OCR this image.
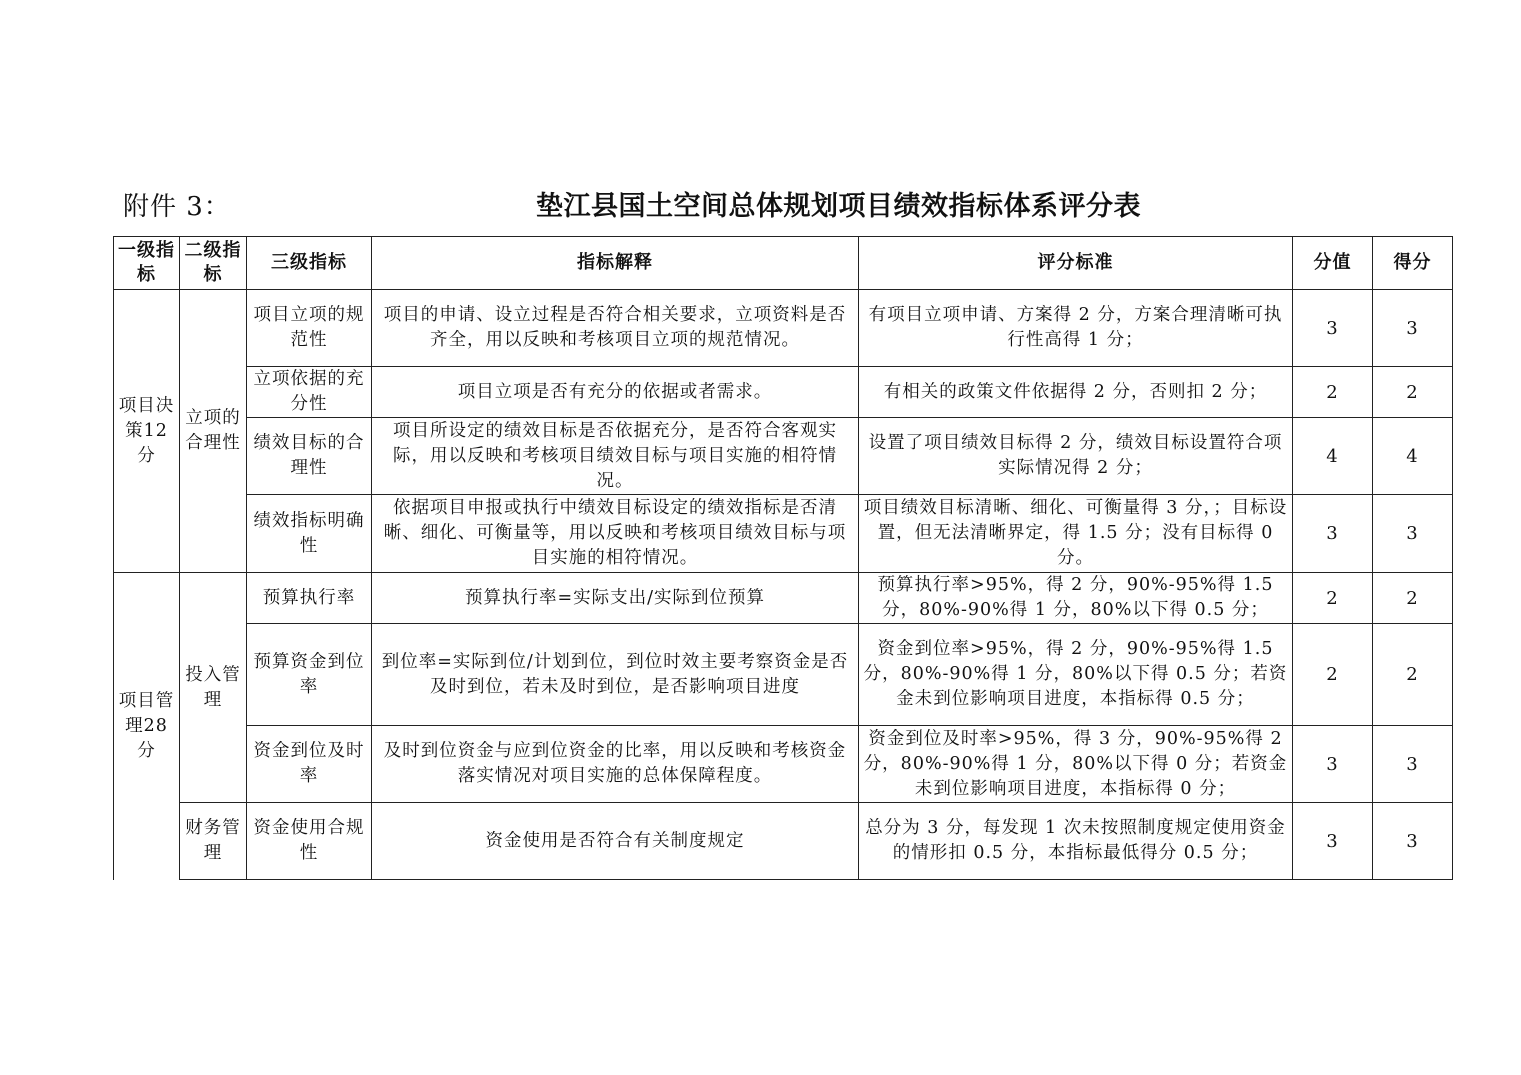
附件 3：	垫江县国土空间总体规划项目绩效指标体系评分表
一级指标	二级指标	三级指标	指标解释	评分标准	分值	得分
项目决策12分	立项的合理性	项目立项的规范性	项目的申请、设立过程是否符合相关要求，立项资料是否齐全，用以反映和考核项目立项的规范情况。	有项目立项申请、方案得 2 分，方案合理清晰可执行性高得 1 分；	3	3
		立项依据的充分性	项目立项是否有充分的依据或者需求。	有相关的政策文件依据得 2 分，否则扣 2 分；	2	2
		绩效目标的合理性	项目所设定的绩效目标是否依据充分，是否符合客观实际，用以反映和考核项目绩效目标与项目实施的相符情况。	设置了项目绩效目标得 2 分，绩效目标设置符合项实际情况得 2 分；	4	4
		绩效指标明确性	依据项目申报或执行中绩效目标设定的绩效指标是否清晰、细化、可衡量等，用以反映和考核项目绩效目标与项目实施的相符情况。	项目绩效目标清晰、细化、可衡量得 3 分，；目标设置，但无法清晰界定，得 1.5 分；没有目标得 0 分。	3	3
项目管理28分	投入管理	预算执行率	预算执行率=实际支出/实际到位预算	预算执行率>95%，得 2 分，90%-95%得 1.5 分，80%-90%得 1 分，80%以下得 0.5 分；	2	2
		预算资金到位率	到位率=实际到位/计划到位，到位时效主要考察资金是否及时到位，若未及时到位，是否影响项目进度	资金到位率>95%，得 2 分，90%-95%得 1.5 分，80%-90%得 1 分，80%以下得 0.5 分；若资金未到位影响项目进度，本指标得 0.5 分；	2	2
		资金到位及时率	及时到位资金与应到位资金的比率，用以反映和考核资金落实情况对项目实施的总体保障程度。	资金到位及时率>95%，得 3 分，90%-95%得 2 分，80%-90%得 1 分，80%以下得 0 分；若资金未到位影响项目进度，本指标得 0 分；	3	3
	财务管理	资金使用合规性	资金使用是否符合有关制度规定	总分为 3 分，每发现 1 次未按照制度规定使用资金的情形扣 0.5 分，本指标最低得分 0.5 分；	3	3
